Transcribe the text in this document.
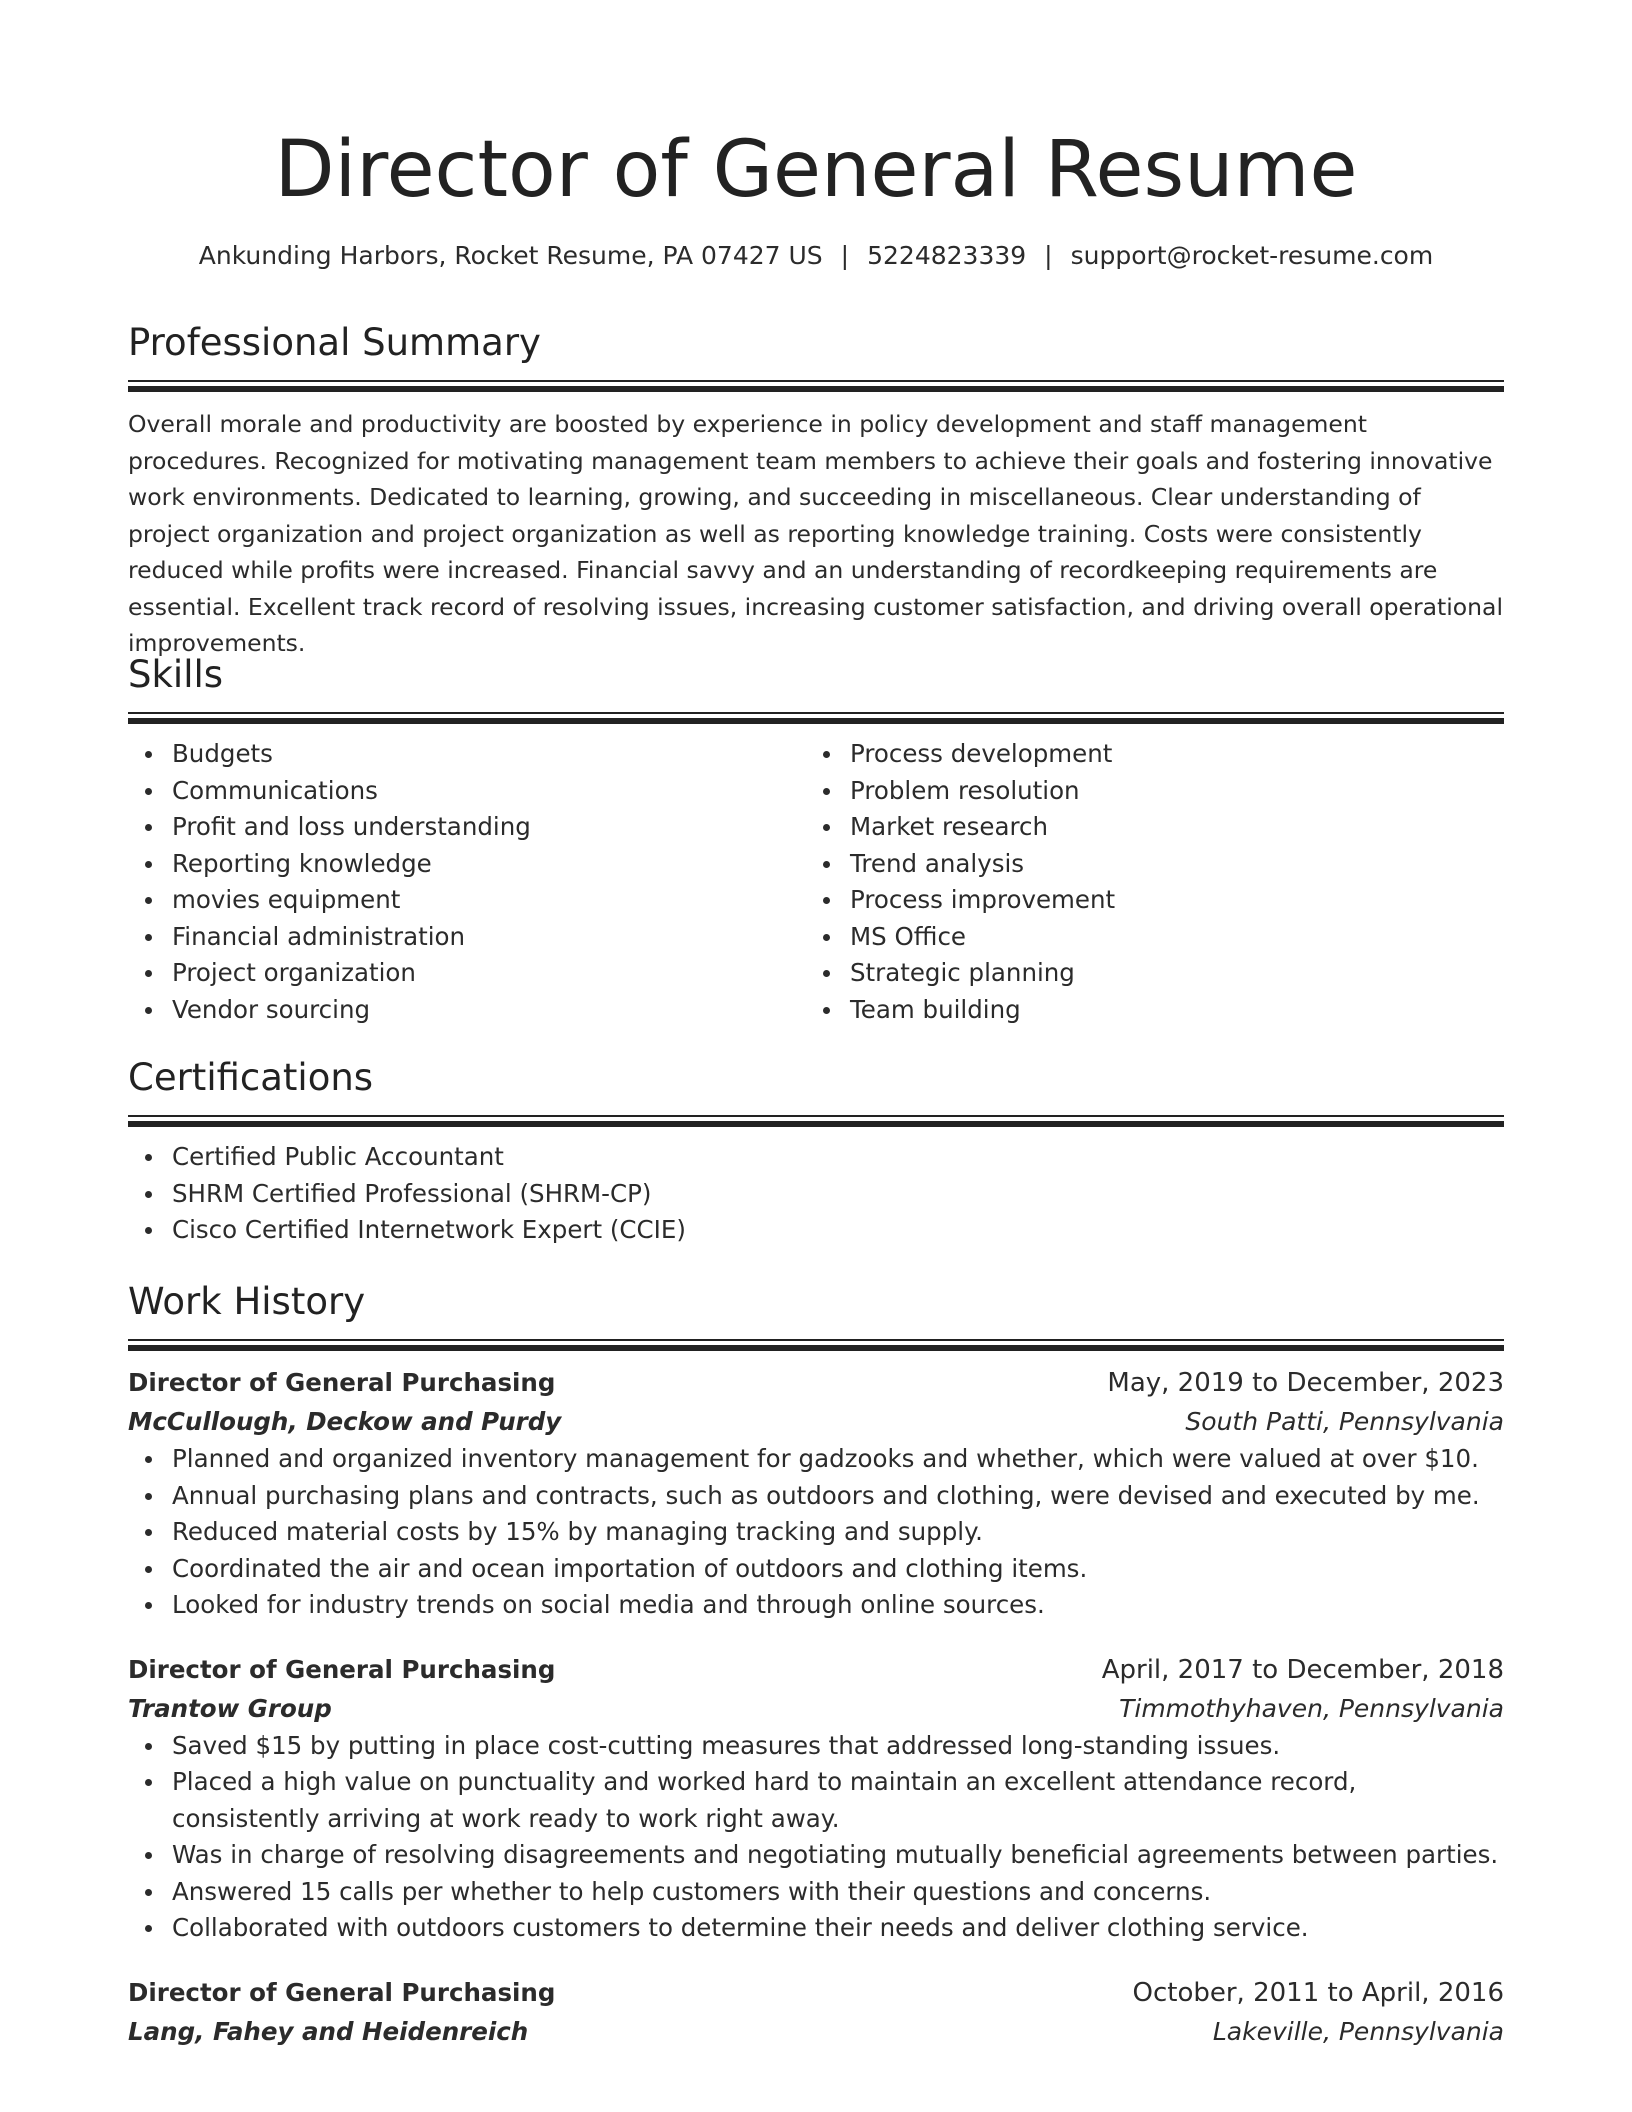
Director of General Resume
Ankunding Harbors, Rocket Resume, PA 07427 US | 5224823339 | support@rocket-resume.com
Professional Summary
Overall morale and productivity are boosted by experience in policy development and staff management procedures. Recognized for motivating management team members to achieve their goals and fostering innovative work environments. Dedicated to learning, growing, and succeeding in miscellaneous. Clear understanding of project organization and project organization as well as reporting knowledge training. Costs were consistently reduced while profits were increased. Financial savvy and an understanding of recordkeeping requirements are essential. Excellent track record of resolving issues, increasing customer satisfaction, and driving overall operational improvements.
Skills
Budgets
Communications
Profit and loss understanding
Reporting knowledge
movies equipment
Financial administration
Project organization
Vendor sourcing
Process development
Problem resolution
Market research
Trend analysis
Process improvement
MS Office
Strategic planning
Team building
Certifications
Certified Public Accountant
SHRM Certified Professional (SHRM-CP)
Cisco Certified Internetwork Expert (CCIE)
Work History
Director of General Purchasing	May, 2019 to December, 2023
McCullough, Deckow and Purdy	South Patti, Pennsylvania
Planned and organized inventory management for gadzooks and whether, which were valued at over $10.
Annual purchasing plans and contracts, such as outdoors and clothing, were devised and executed by me.
Reduced material costs by 15% by managing tracking and supply.
Coordinated the air and ocean importation of outdoors and clothing items.
Looked for industry trends on social media and through online sources.
Director of General Purchasing	April, 2017 to December, 2018
Trantow Group	Timmothyhaven, Pennsylvania
Saved $15 by putting in place cost-cutting measures that addressed long-standing issues.
Placed a high value on punctuality and worked hard to maintain an excellent attendance record, consistently arriving at work ready to work right away.
Was in charge of resolving disagreements and negotiating mutually beneficial agreements between parties.
Answered 15 calls per whether to help customers with their questions and concerns.
Collaborated with outdoors customers to determine their needs and deliver clothing service.
Director of General Purchasing	October, 2011 to April, 2016
Lang, Fahey and Heidenreich	Lakeville, Pennsylvania
